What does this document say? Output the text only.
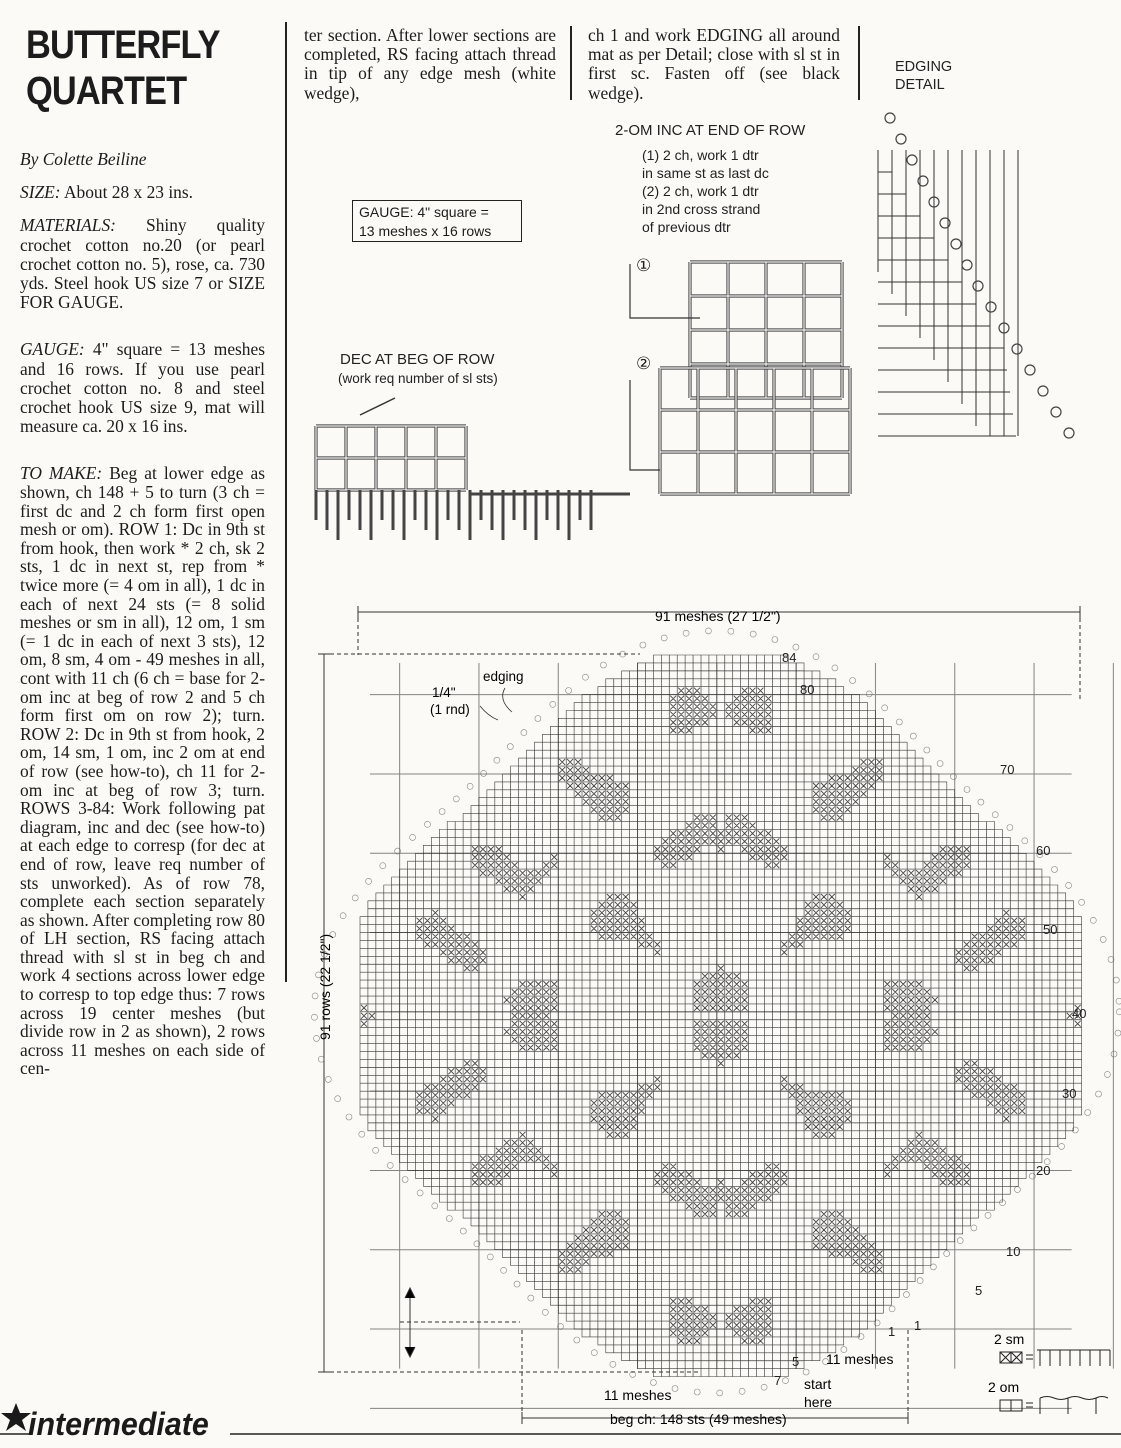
BUTTERFLY
QUARTET

By Colette Beiline

SIZE: About 28 x 23 ins.

MATERIALS: Shiny quality crochet cotton no.20 (or pearl crochet cotton no. 5), rose, ca. 730 yds. Steel hook US size 7 or SIZE FOR GAUGE.

GAUGE: 4" square = 13 meshes and 16 rows. If you use pearl crochet cotton no. 8 and steel crochet hook US size 9, mat will measure ca. 20 x 16 ins.

TO MAKE: Beg at lower edge as shown, ch 148 + 5 to turn (3 ch = first dc and 2 ch form first open mesh or om). ROW 1: Dc in 9th st from hook, then work * 2 ch, sk 2 sts, 1 dc in next st, rep from * twice more (= 4 om in all), 1 dc in each of next 24 sts (= 8 solid meshes or sm in all), 12 om, 1 sm (= 1 dc in each of next 3 sts), 12 om, 8 sm, 4 om - 49 meshes in all, cont with 11 ch (6 ch = base for 2-om inc at beg of row 2 and 5 ch form first om on row 2); turn. ROW 2: Dc in 9th st from hook, 2 om, 14 sm, 1 om, inc 2 om at end of row (see how-to), ch 11 for 2-om inc at beg of row 3; turn. ROWS 3-84: Work following pat diagram, inc and dec (see how-to) at each edge to corresp (for dec at end of row, leave req number of sts unworked). As of row 78, complete each section separately as shown. After completing row 80 of LH section, RS facing attach thread with sl st in beg ch and work 4 sections across lower edge to corresp to top edge thus: 7 rows across 19 center meshes (but divide row in 2 as shown), 2 rows across 11 meshes on each side of cen-

ter section. After lower sections are completed, RS facing attach thread in tip of any edge mesh (white wedge),

ch 1 and work EDGING all around mat as per Detail; close with sl st in first sc. Fasten off (see black wedge).

GAUGE: 4" square =
13 meshes x 16 rows
2-OM INC AT END OF ROW
(1) 2 ch, work 1 dtr
in same st as last dc
(2) 2 ch, work 1 dtr
in 2nd cross strand
of previous dtr
①
②
DEC AT BEG OF ROW
(work req number of sl sts)
EDGING
DETAIL
91 meshes (27 1/2")
91 rows (22 1/2")
edging
1/4"
(1 rnd)
84
80
70
60
50
40
30
20
10
5
1
1
5
7
11 meshes
11 meshes
start
here
beg ch: 148 sts (49 meshes)
2 sm
2 om
intermediate
